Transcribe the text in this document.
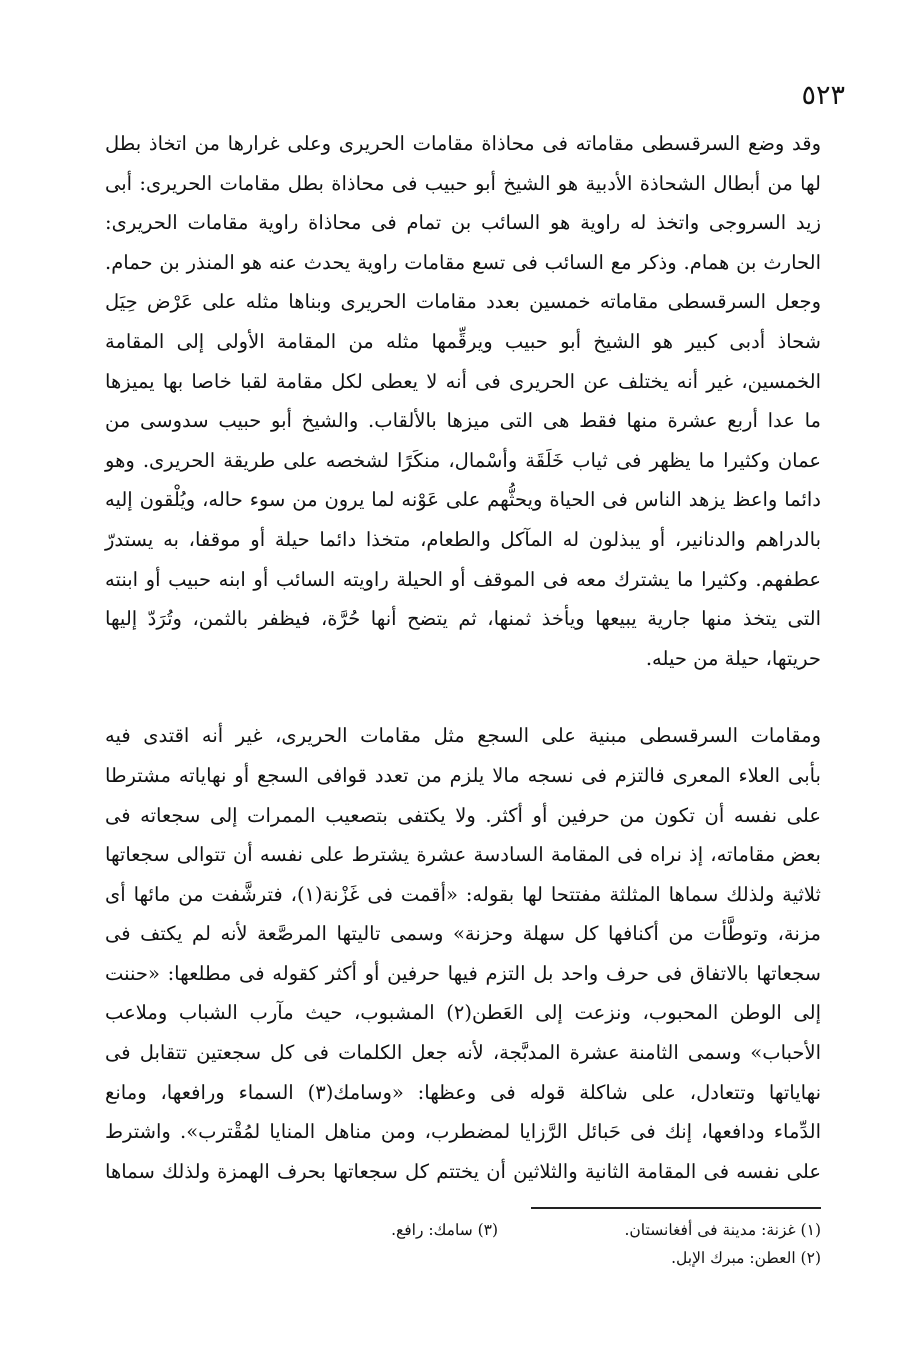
٥٢٣
وقد وضع السرقسطى مقاماته فى محاذاة مقامات الحريرى وعلى غرارها من اتخاذ بطل
لها من أبطال الشحاذة الأدبية هو الشيخ أبو حبيب فى محاذاة بطل مقامات الحريرى: أبى
زيد السروجى واتخذ له راوية هو السائب بن تمام فى محاذاة راوية مقامات الحريرى:
الحارث بن همام. وذكر مع السائب فى تسع مقامات راوية يحدث عنه هو المنذر بن حمام.
وجعل السرقسطى مقاماته خمسين بعدد مقامات الحريرى وبناها مثله على عَرْض حِيَل
شحاذ أدبى كبير هو الشيخ أبو حبيب ويرقِّمها مثله من المقامة الأولى إلى المقامة
الخمسين، غير أنه يختلف عن الحريرى فى أنه لا يعطى لكل مقامة لقبا خاصا بها يميزها
ما عدا أربع عشرة منها فقط هى التى ميزها بالألقاب. والشيخ أبو حبيب سدوسى من
عمان وكثيرا ما يظهر فى ثياب خَلَقَة وأسْمال، منكَرًا لشخصه على طريقة الحريرى. وهو
دائما واعظ يزهد الناس فى الحياة ويحثُّهم على عَوْنه لما يرون من سوء حاله، ويُلْقون إليه
بالدراهم والدنانير، أو يبذلون له المآكل والطعام، متخذا دائما حيلة أو موقفا، به يستدرّ
عطفهم. وكثيرا ما يشترك معه فى الموقف أو الحيلة راويته السائب أو ابنه حبيب أو ابنته
التى يتخذ منها جارية يبيعها ويأخذ ثمنها، ثم يتضح أنها حُرَّة، فيظفر بالثمن، وتُرَدّ إليها
حريتها، حيلة من حيله.
ومقامات السرقسطى مبنية على السجع مثل مقامات الحريرى، غير أنه اقتدى فيه
بأبى العلاء المعرى فالتزم فى نسجه مالا يلزم من تعدد قوافى السجع أو نهاياته مشترطا
على نفسه أن تكون من حرفين أو أكثر. ولا يكتفى بتصعيب الممرات إلى سجعاته فى
بعض مقاماته، إذ نراه فى المقامة السادسة عشرة يشترط على نفسه أن تتوالى سجعاتها
ثلاثية ولذلك سماها المثلثة مفتتحا لها بقوله: «أقمت فى غَزْنة(١)، فترشَّفت من مائها أى
مزنة، وتوطَّأت من أكنافها كل سهلة وحزنة» وسمى تاليتها المرصَّعة لأنه لم يكتف فى
سجعاتها بالاتفاق فى حرف واحد بل التزم فيها حرفين أو أكثر كقوله فى مطلعها: «حننت
إلى الوطن المحبوب، ونزعت إلى العَطن(٢) المشبوب، حيث مآرب الشباب وملاعب
الأحباب» وسمى الثامنة عشرة المدبَّجة، لأنه جعل الكلمات فى كل سجعتين تتقابل فى
نهاياتها وتتعادل، على شاكلة قوله فى وعظها: «وسامك(٣) السماء ورافعها، ومانع
الدِّماء ودافعها، إنك فى حَبائل الرَّزايا لمضطرب، ومن مناهل المنايا لمُقْترب». واشترط
على نفسه فى المقامة الثانية والثلاثين أن يختتم كل سجعاتها بحرف الهمزة ولذلك سماها
(١) غزنة: مدينة فى أفغانستان. (٣) سامك: رافع.
(٢) العطن: مبرك الإبل.
